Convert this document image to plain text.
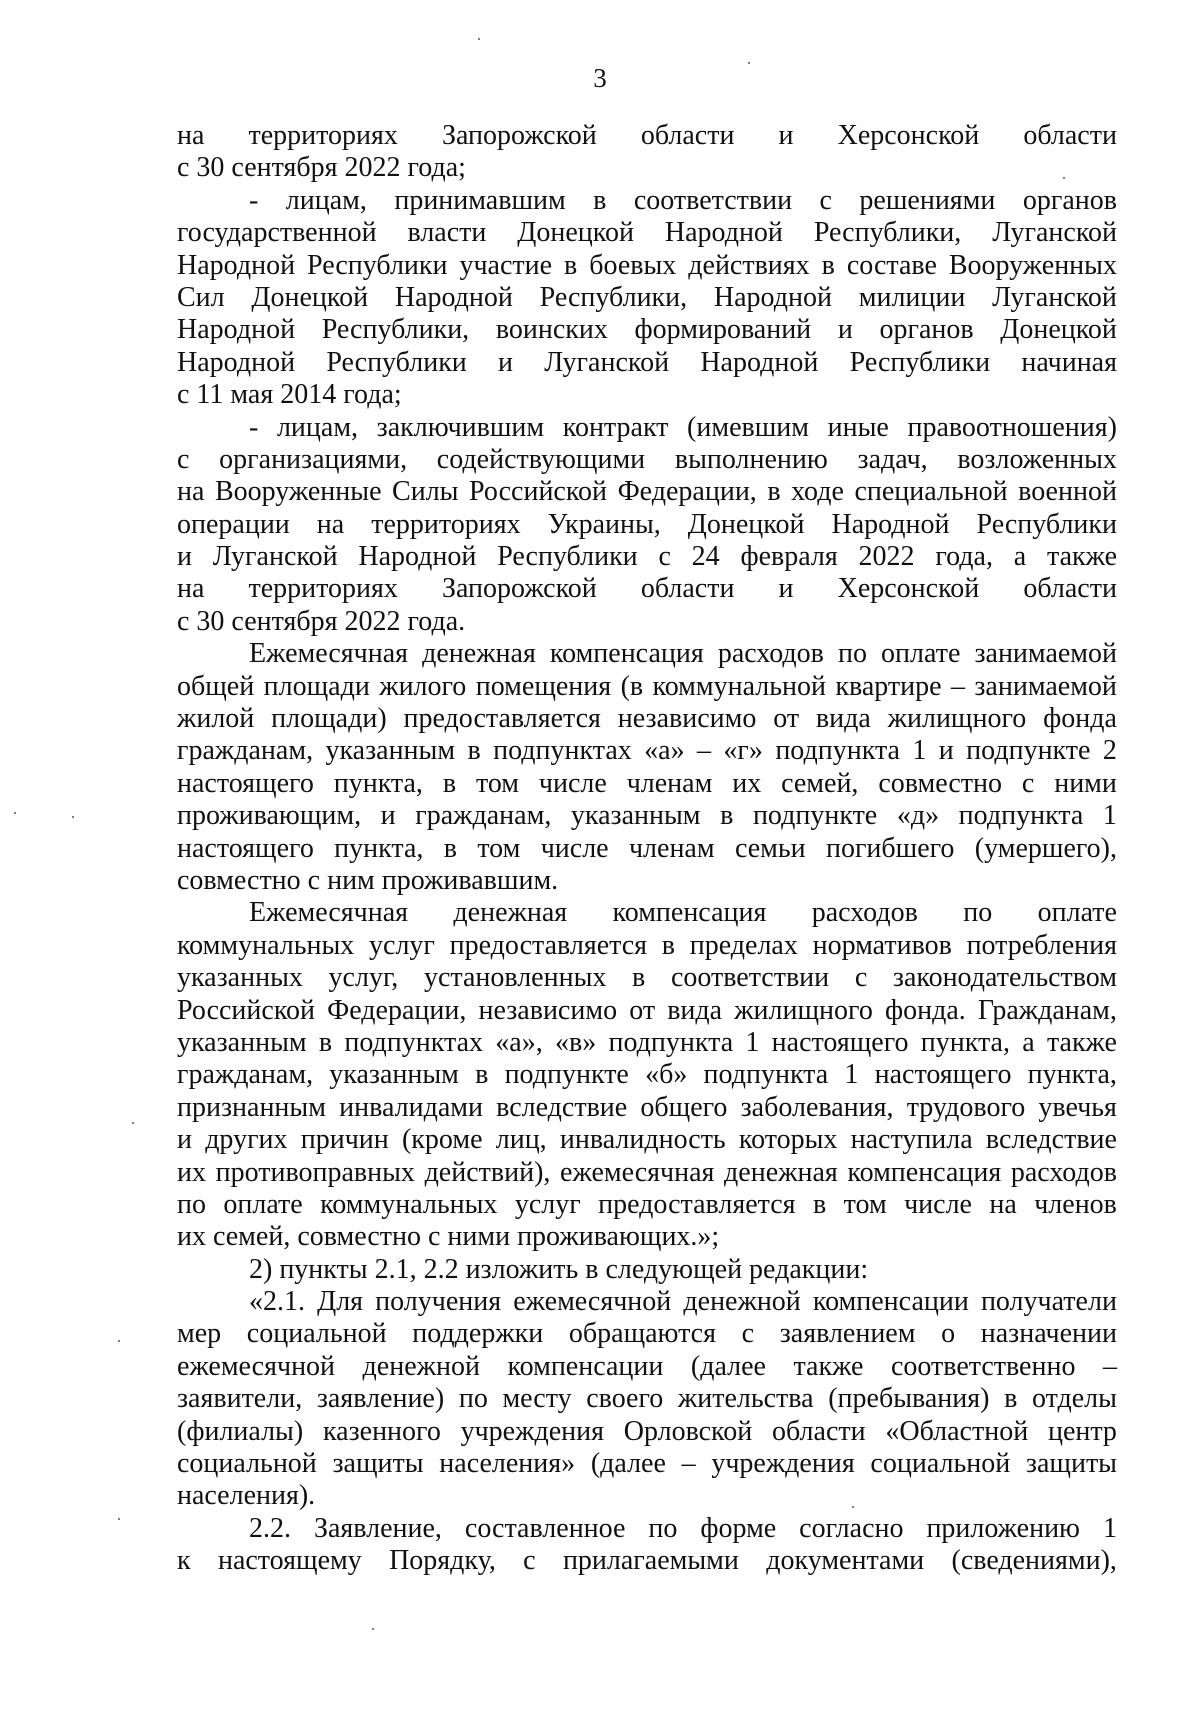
3
на территориях Запорожской области и Херсонской области
с 30 сентября 2022 года;
- лицам, принимавшим в соответствии с решениями органов
государственной власти Донецкой Народной Республики, Луганской
Народной Республики участие в боевых действиях в составе Вооруженных
Сил Донецкой Народной Республики, Народной милиции Луганской
Народной Республики, воинских формирований и органов Донецкой
Народной Республики и Луганской Народной Республики начиная
с 11 мая 2014 года;
- лицам, заключившим контракт (имевшим иные правоотношения)
с организациями, содействующими выполнению задач, возложенных
на Вооруженные Силы Российской Федерации, в ходе специальной военной
операции на территориях Украины, Донецкой Народной Республики
и Луганской Народной Республики с 24 февраля 2022 года, а также
на территориях Запорожской области и Херсонской области
с 30 сентября 2022 года.
Ежемесячная денежная компенсация расходов по оплате занимаемой
общей площади жилого помещения (в коммунальной квартире – занимаемой
жилой площади) предоставляется независимо от вида жилищного фонда
гражданам, указанным в подпунктах «а» – «г» подпункта 1 и подпункте 2
настоящего пункта, в том числе членам их семей, совместно с ними
проживающим, и гражданам, указанным в подпункте «д» подпункта 1
настоящего пункта, в том числе членам семьи погибшего (умершего),
совместно с ним проживавшим.
Ежемесячная денежная компенсация расходов по оплате
коммунальных услуг предоставляется в пределах нормативов потребления
указанных услуг, установленных в соответствии с законодательством
Российской Федерации, независимо от вида жилищного фонда. Гражданам,
указанным в подпунктах «а», «в» подпункта 1 настоящего пункта, а также
гражданам, указанным в подпункте «б» подпункта 1 настоящего пункта,
признанным инвалидами вследствие общего заболевания, трудового увечья
и других причин (кроме лиц, инвалидность которых наступила вследствие
их противоправных действий), ежемесячная денежная компенсация расходов
по оплате коммунальных услуг предоставляется в том числе на членов
их семей, совместно с ними проживающих.»;
2) пункты 2.1, 2.2 изложить в следующей редакции:
«2.1. Для получения ежемесячной денежной компенсации получатели
мер социальной поддержки обращаются с заявлением о назначении
ежемесячной денежной компенсации (далее также соответственно –
заявители, заявление) по месту своего жительства (пребывания) в отделы
(филиалы) казенного учреждения Орловской области «Областной центр
социальной защиты населения» (далее – учреждения социальной защиты
населения).
2.2. Заявление, составленное по форме согласно приложению 1
к настоящему Порядку, с прилагаемыми документами (сведениями),
